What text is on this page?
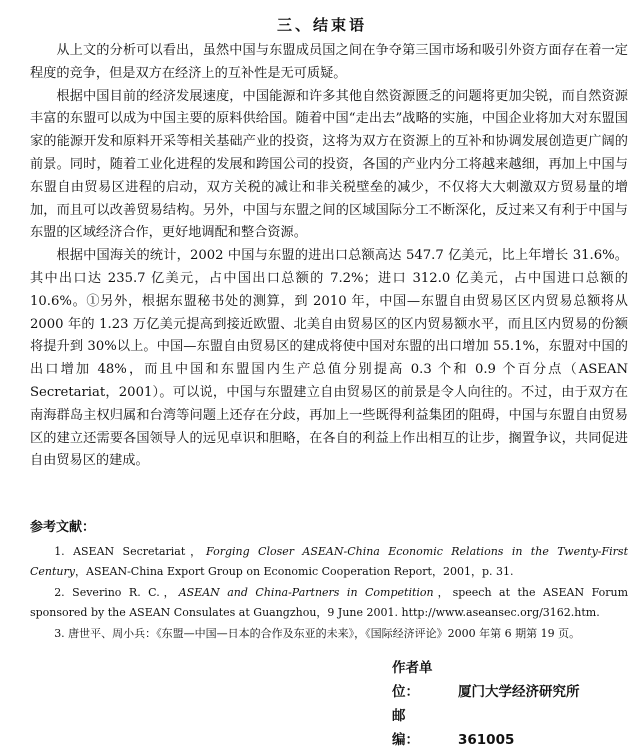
三、结束语

从上文的分析可以看出，虽然中国与东盟成员国之间在争夺第三国市场和吸引外资方面存在着一定程度的竞争，但是双方在经济上的互补性是无可质疑。

根据中国目前的经济发展速度，中国能源和许多其他自然资源匮乏的问题将更加尖锐，而自然资源丰富的东盟可以成为中国主要的原料供给国。随着中国“走出去”战略的实施，中国企业将加大对东盟国家的能源开发和原料开采等相关基础产业的投资，这将为双方在资源上的互补和协调发展创造更广阔的前景。同时，随着工业化进程的发展和跨国公司的投资，各国的产业内分工将越来越细，再加上中国与东盟自由贸易区进程的启动，双方关税的减让和非关税壁垒的减少，不仅将大大刺激双方贸易量的增加，而且可以改善贸易结构。另外，中国与东盟之间的区域国际分工不断深化，反过来又有利于中国与东盟的区域经济合作，更好地调配和整合资源。

根据中国海关的统计，2002 中国与东盟的进出口总额高达 547.7 亿美元，比上年增长 31.6%。其中出口达 235.7 亿美元，占中国出口总额的 7.2%；进口 312.0 亿美元，占中国进口总额的 10.6%。①另外，根据东盟秘书处的测算，到 2010 年，中国—东盟自由贸易区区内贸易总额将从 2000 年的 1.23 万亿美元提高到接近欧盟、北美自由贸易区的区内贸易额水平，而且区内贸易的份额将提升到 30%以上。中国—东盟自由贸易区的建成将使中国对东盟的出口增加 55.1%，东盟对中国的出口增加 48%，而且中国和东盟国内生产总值分别提高 0.3 个和 0.9 个百分点（ASEAN Secretariat，2001）。可以说，中国与东盟建立自由贸易区的前景是令人向往的。不过，由于双方在南海群岛主权归属和台湾等问题上还存在分歧，再加上一些既得利益集团的阻碍，中国与东盟自由贸易区的建立还需要各国领导人的远见卓识和胆略，在各自的利益上作出相互的让步，搁置争议，共同促进自由贸易区的建成。

参考文献：

1. ASEAN Secretariat，Forging Closer ASEAN-China Economic Relations in the Twenty-First Century，ASEAN-China Export Group on Economic Cooperation Report，2001，p. 31.

2. Severino R. C.，ASEAN and China-Partners in Competition，speech at the ASEAN Forum sponsored by the ASEAN Consulates at Guangzhou，9 June 2001. http://www.aseansec.org/3162.htm.

3. 唐世平、周小兵：《东盟—中国—日本的合作及东亚的未来》，《国际经济评论》2000 年第 6 期第 19 页。

作者单位：	厦门大学经济研究所
邮　　编：	361005
